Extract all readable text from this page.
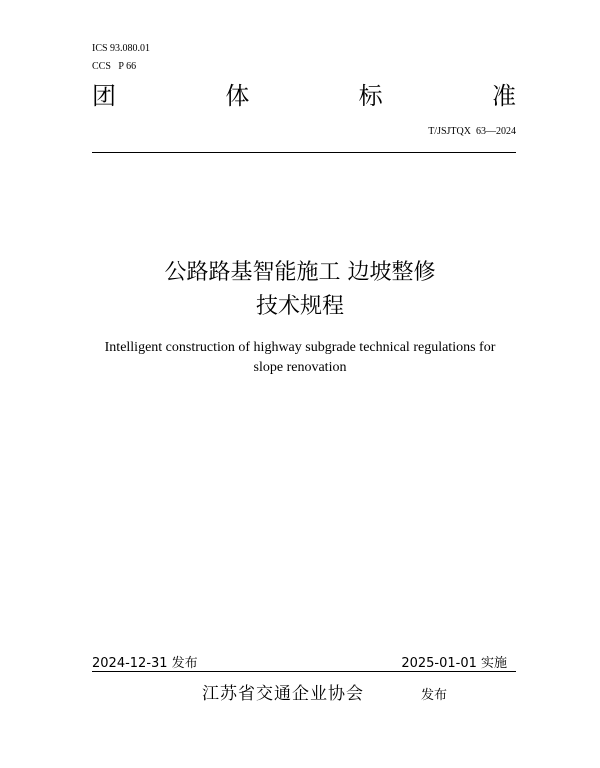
ICS 93.080.01
CCS   P 66
团	体	标	准
T/JSJTQX  63—2024
公路路基智能施工 边坡整修
技术规程
Intelligent construction of highway subgrade technical regulations for
slope renovation
2024-12-31 发布	2025-01-01 实施
江苏省交通企业协会	发布
